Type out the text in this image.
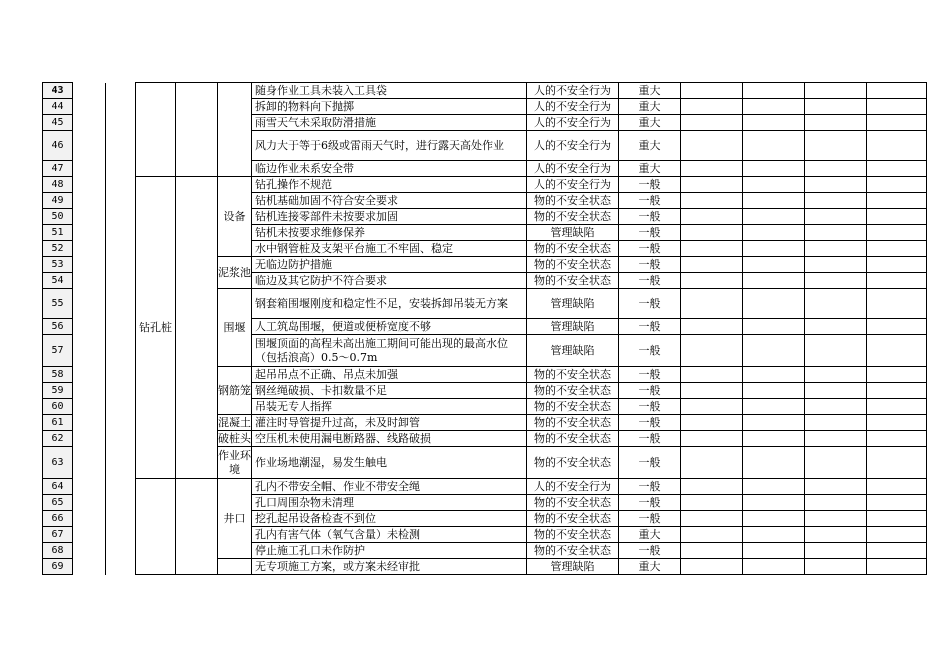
43						随身作业工具未装入工具袋	人的不安全行为	重大				
44						拆卸的物料向下抛掷	人的不安全行为	重大				
45						雨雪天气未采取防滑措施	人的不安全行为	重大				
46						风力大于等于6级或雷雨天气时，进行露天高处作业	人的不安全行为	重大				
47						临边作业未系安全带	人的不安全行为	重大				
48			钻孔桩		设备	钻孔操作不规范	人的不安全行为	一般				
49						钻机基础加固不符合安全要求	物的不安全状态	一般				
50						钻机连接零部件未按要求加固	物的不安全状态	一般				
51						钻机未按要求维修保养	管理缺陷	一般				
52						水中钢管桩及支架平台施工不牢固、稳定	物的不安全状态	一般				
53					泥浆池	无临边防护措施	物的不安全状态	一般				
54						临边及其它防护不符合要求	物的不安全状态	一般				
55					围堰	钢套箱围堰刚度和稳定性不足，安装拆卸吊装无方案	管理缺陷	一般				
56						人工筑岛围堰，便道或便桥宽度不够	管理缺陷	一般				
57						围堰顶面的高程未高出施工期间可能出现的最高水位（包括浪高）0.5～0.7m	管理缺陷	一般				
58					钢筋笼	起吊吊点不正确、吊点未加强	物的不安全状态	一般				
59						钢丝绳破损、卡扣数量不足	物的不安全状态	一般				
60						吊装无专人指挥	物的不安全状态	一般				
61					混凝土	灌注时导管提升过高，未及时卸管	物的不安全状态	一般				
62					破桩头	空压机未使用漏电断路器、线路破损	物的不安全状态	一般				
63					作业环境	作业场地潮湿，易发生触电	物的不安全状态	一般				
64					井口	孔内不带安全帽、作业不带安全绳	人的不安全行为	一般				
65						孔口周围杂物未清理	物的不安全状态	一般				
66						挖孔起吊设备检查不到位	物的不安全状态	一般				
67						孔内有害气体（氧气含量）未检测	物的不安全状态	重大				
68						停止施工孔口未作防护	物的不安全状态	一般				
69						无专项施工方案，或方案未经审批	管理缺陷	重大				
